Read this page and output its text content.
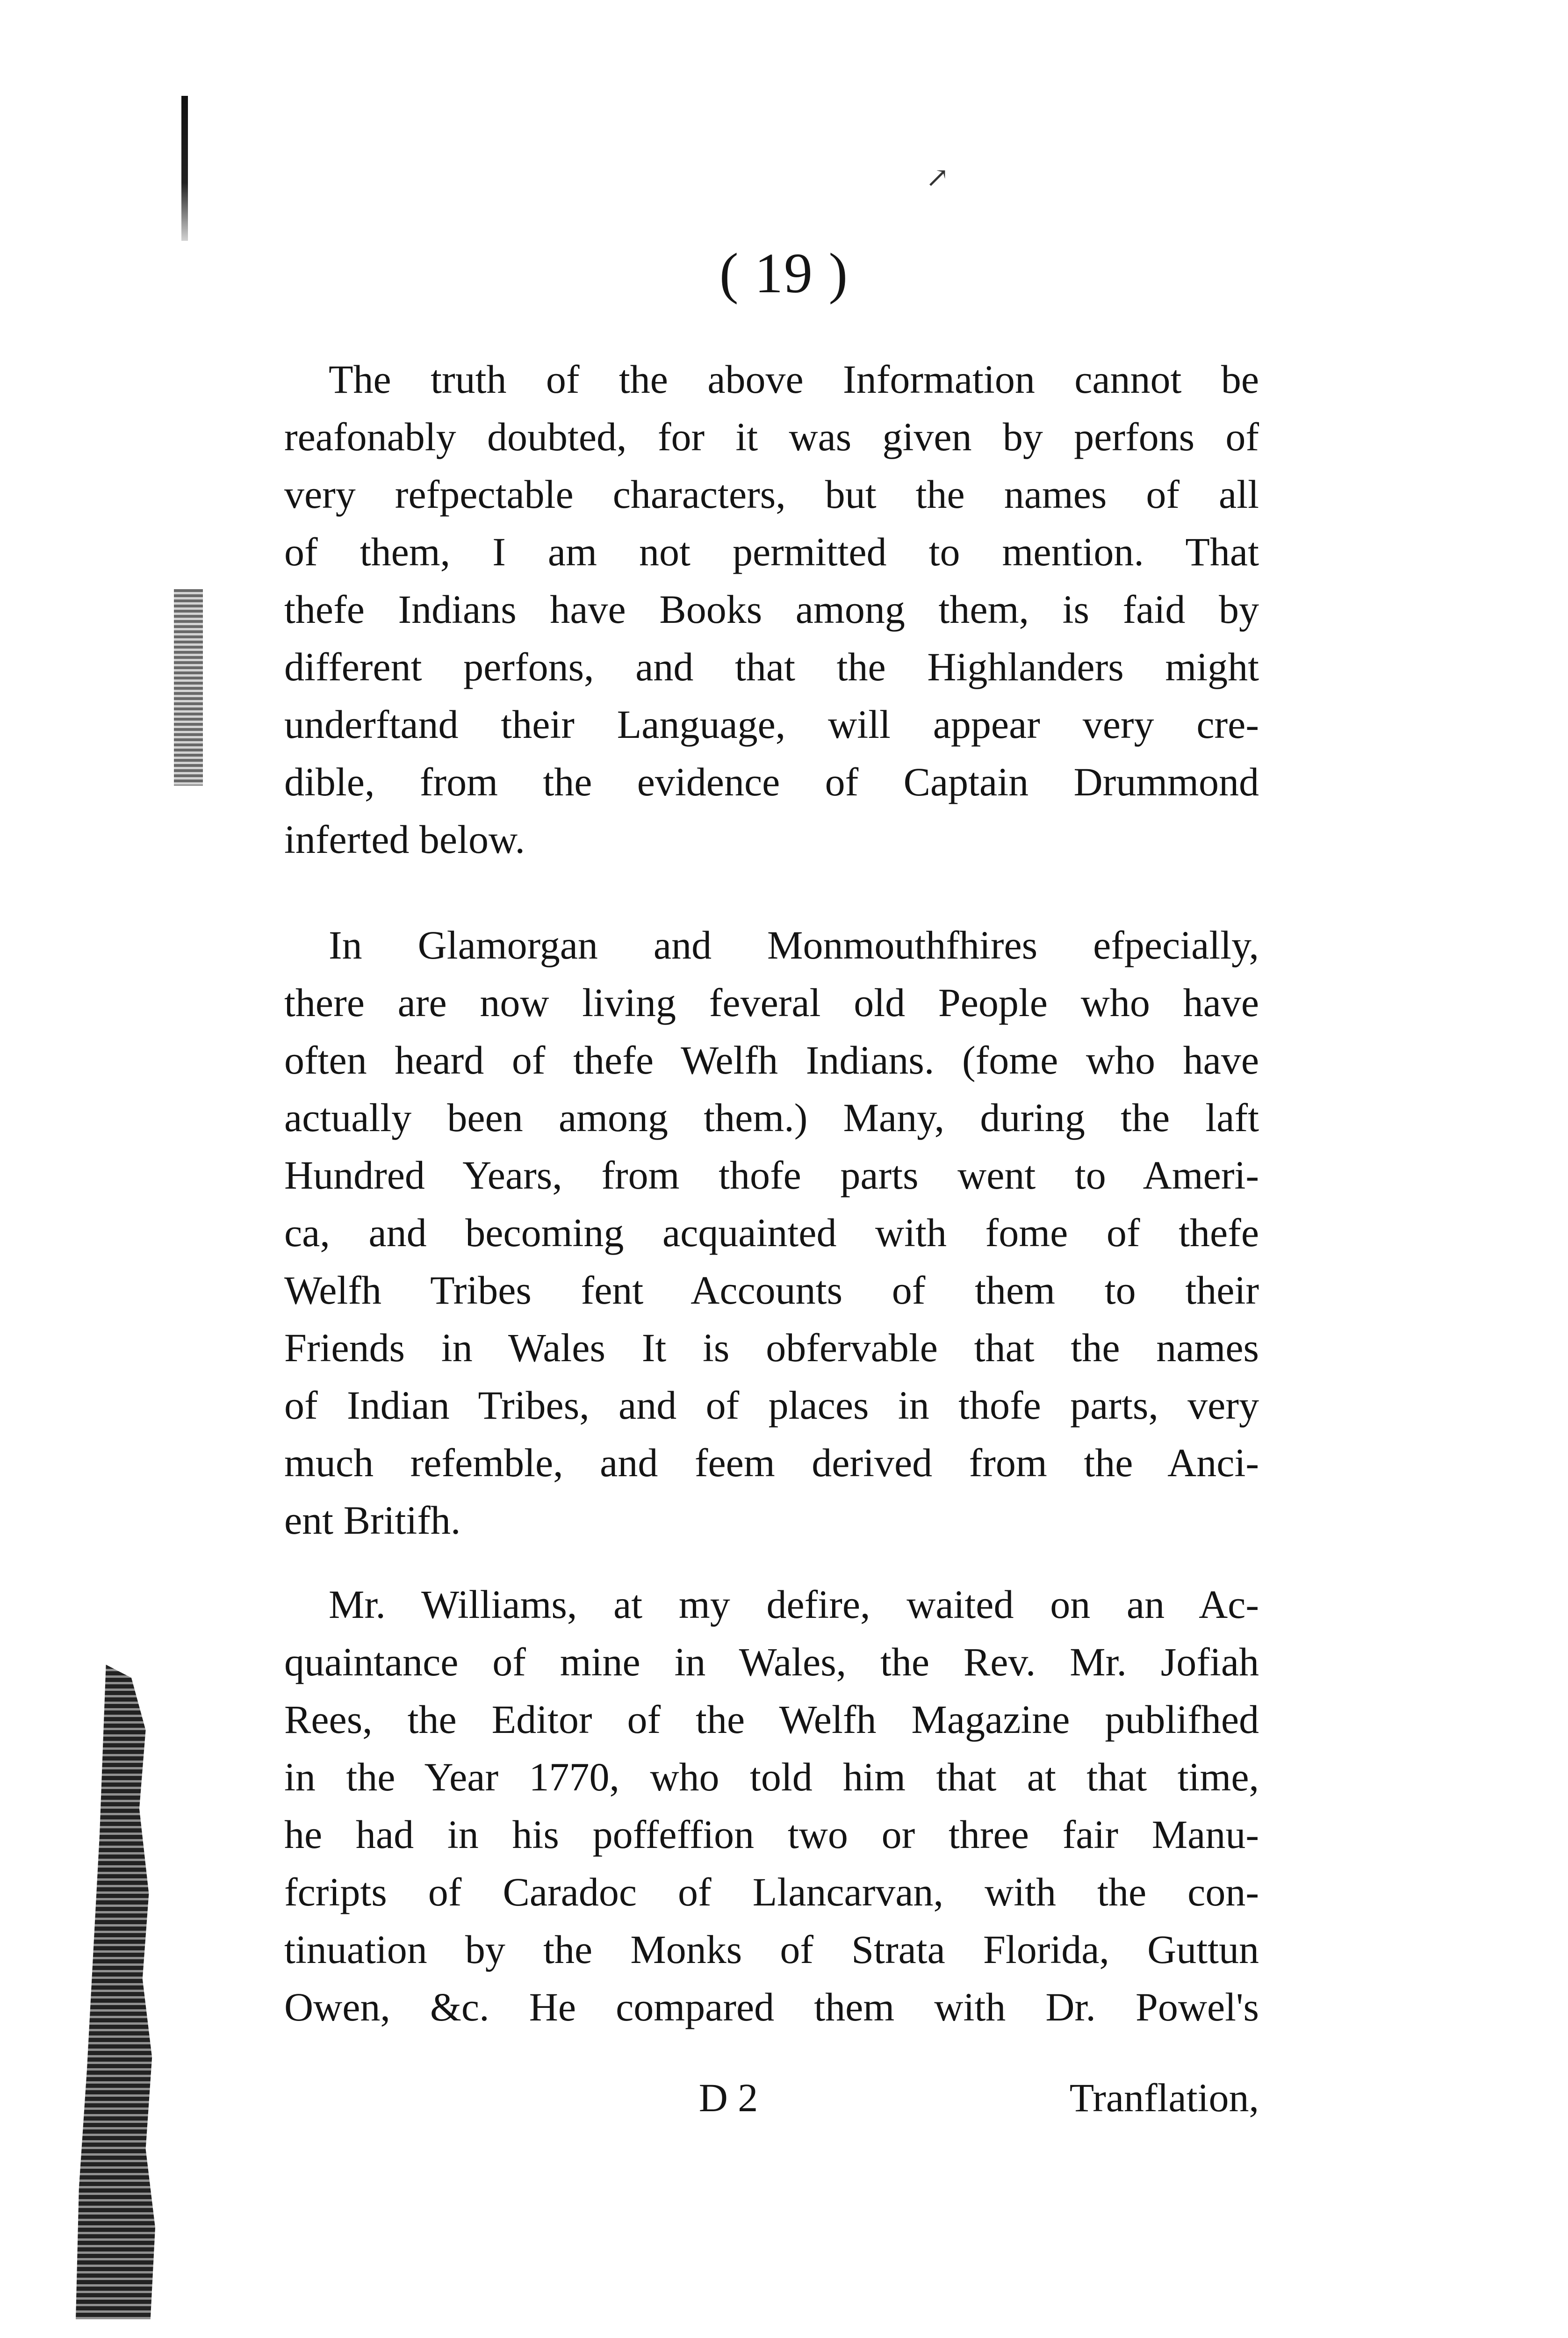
↗
( 19 )
The truth of the above Information cannot be
reafonably doubted, for it was given by perfons of
very refpectable characters, but the names of all
of them, I am not permitted to mention. That
thefe Indians have Books among them, is faid by
different perfons, and that the Highlanders might
underftand their Language, will appear very cre-
dible, from the evidence of Captain Drummond
inferted below.
In Glamorgan and Monmouthfhires efpecially,
there are now living feveral old People who have
often heard of thefe Welfh Indians. (fome who have
actually been among them.) Many, during the laft
Hundred Years, from thofe parts went to Ameri-
ca, and becoming acquainted with fome of thefe
Welfh Tribes fent Accounts of them to their
Friends in Wales It is obfervable that the names
of Indian Tribes, and of places in thofe parts, very
much refemble, and feem derived from the Anci-
ent Britifh.
Mr. Williams, at my defire, waited on an Ac-
quaintance of mine in Wales, the Rev. Mr. Jofiah
Rees, the Editor of the Welfh Magazine publifhed
in the Year 1770, who told him that at that time,
he had in his poffeffion two or three fair Manu-
fcripts of Caradoc of Llancarvan, with the con-
tinuation by the Monks of Strata Florida, Guttun
Owen, &c. He compared them with Dr. Powel's
D 2	Tranflation,
